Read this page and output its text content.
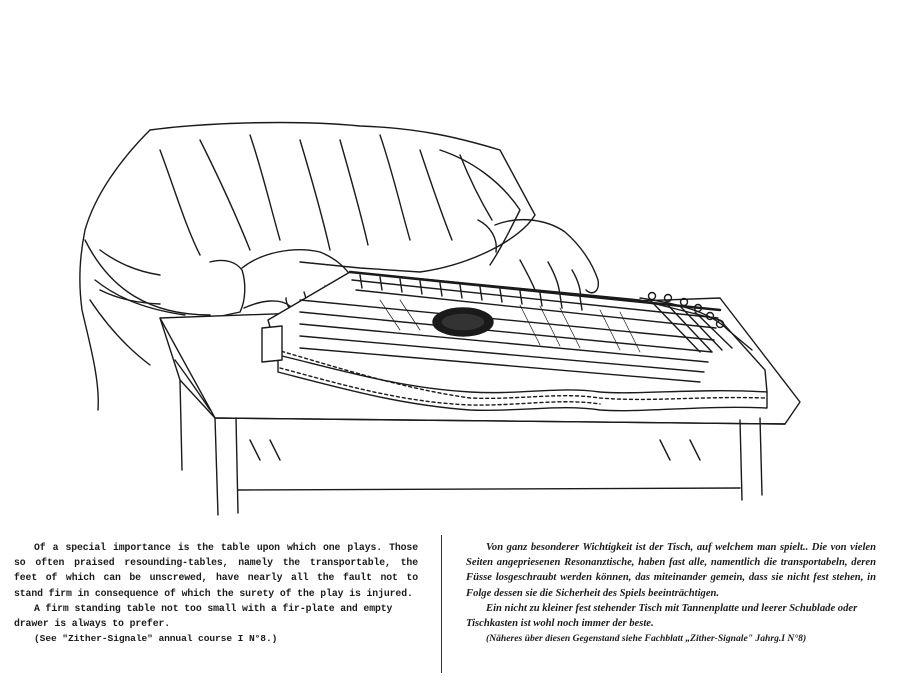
Of a special importance is the table upon which one plays. Those so often praised resounding-tables, namely the transportable, the feet of which can be unscrewed, have nearly all the fault not to stand firm in consequence of which the surety of the play is injured.

A firm standing table not too small with a fir-plate and empty drawer is always to prefer.

(See "Zither-Signale" annual course I N°8.)

Von ganz besonderer Wichtigkeit ist der Tisch, auf welchem man spielt.. Die von vielen Seiten angepriesenen Resonanztische, haben fast alle, namentlich die transportabeln, deren Füsse losgeschraubt werden können, das miteinander gemein, dass sie nicht fest stehen, in Folge dessen sie die Sicherheit des Spiels beeinträchtigen.

Ein nicht zu kleiner fest stehender Tisch mit Tannenplatte und leerer Schublade oder Tischkasten ist wohl noch immer der beste.

(Näheres über diesen Gegenstand siehe Fachblatt „Zither-Signale" Jahrg.I N°8)
